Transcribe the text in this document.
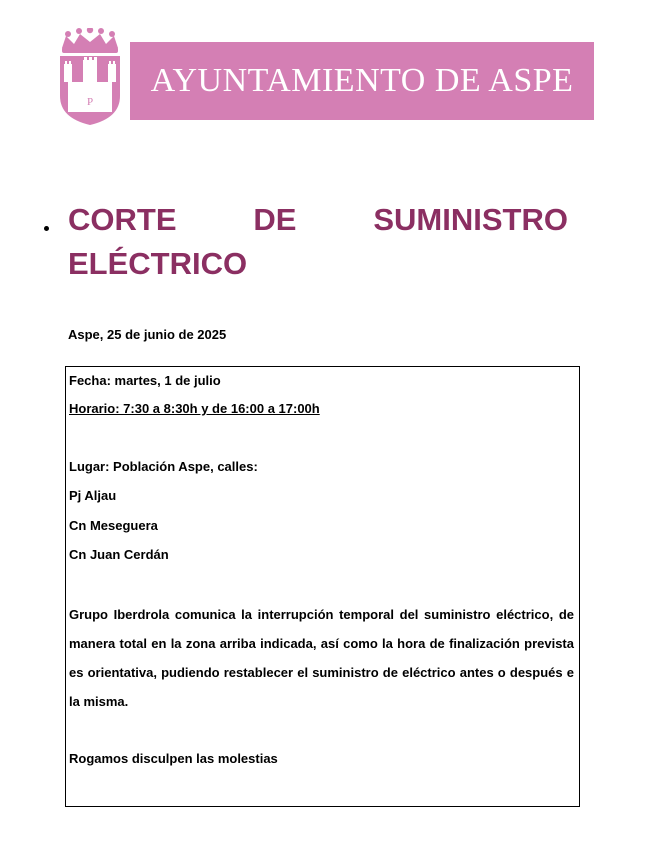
A S
P
AYUNTAMIENTO DE ASPE
CORTE DE SUMINISTRO
ELÉCTRICO
Aspe, 25 de junio de 2025
Fecha: martes, 1 de julio
Horario: 7:30 a 8:30h y de 16:00 a 17:00h
Lugar: Población Aspe, calles:
Pj Aljau
Cn Meseguera
Cn Juan Cerdán
Grupo Iberdrola comunica la interrupción temporal del suministro eléctrico, de manera total en la zona arriba indicada, así como la hora de finalización prevista es orientativa, pudiendo restablecer el suministro de eléctrico antes o después e la misma.
Rogamos disculpen las molestias
